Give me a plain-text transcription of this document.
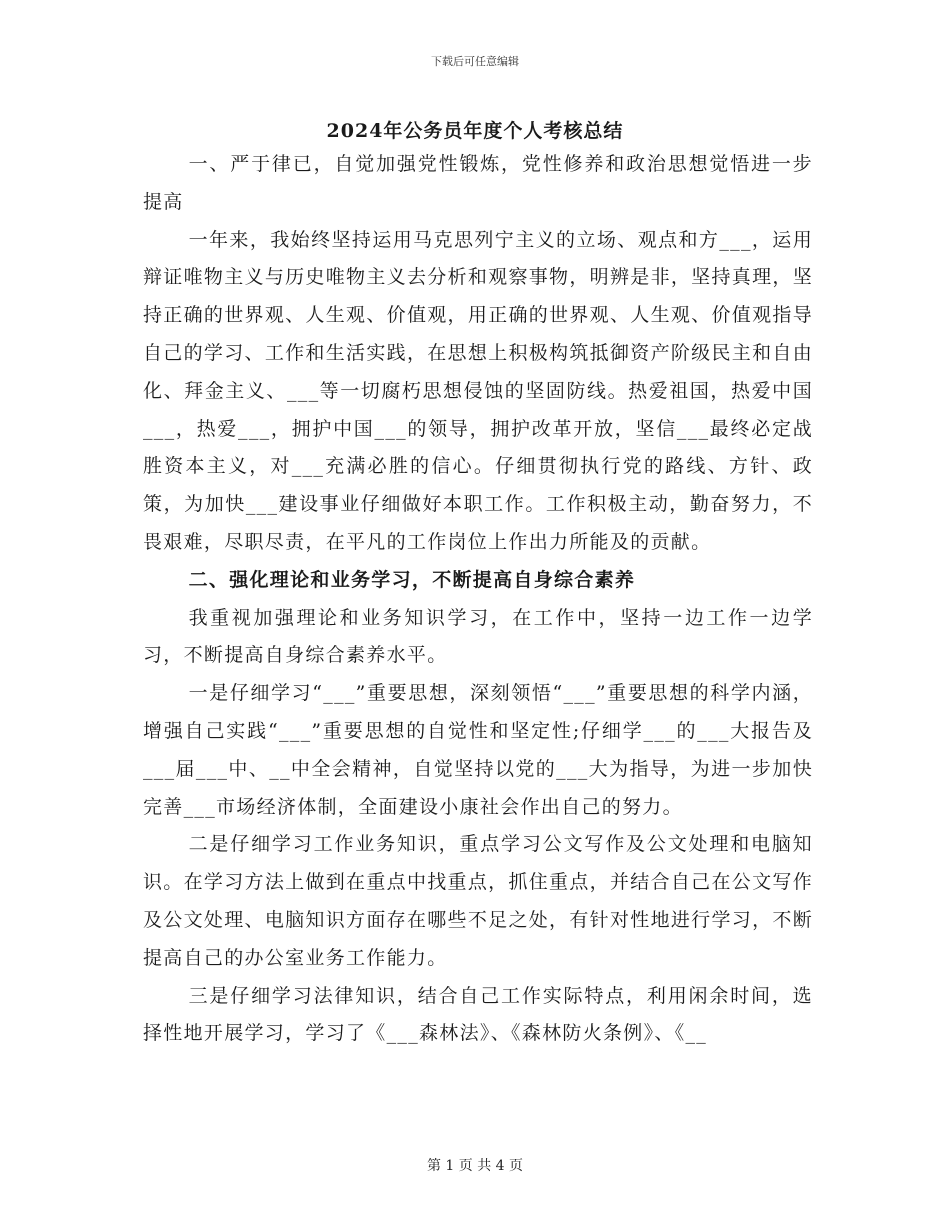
下载后可任意编辑
2024年公务员年度个人考核总结

一、严于律已，自觉加强党性锻炼，党性修养和政治思想觉悟进一步提高

一年来，我始终坚持运用马克思列宁主义的立场、观点和方___，运用辩证唯物主义与历史唯物主义去分析和观察事物，明辨是非，坚持真理，坚持正确的世界观、人生观、价值观，用正确的世界观、人生观、价值观指导自己的学习、工作和生活实践，在思想上积极构筑抵御资产阶级民主和自由化、拜金主义、___等一切腐朽思想侵蚀的坚固防线。热爱祖国，热爱中国___，热爱___，拥护中国___的领导，拥护改革开放，坚信___最终必定战胜资本主义，对___充满必胜的信心。仔细贯彻执行党的路线、方针、政策，为加快___建设事业仔细做好本职工作。工作积极主动，勤奋努力，不畏艰难，尽职尽责，在平凡的工作岗位上作出力所能及的贡献。

二、强化理论和业务学习，不断提高自身综合素养

我重视加强理论和业务知识学习，在工作中，坚持一边工作一边学习，不断提高自身综合素养水平。

一是仔细学习“___”重要思想，深刻领悟“___”重要思想的科学内涵，增强自己实践“___”重要思想的自觉性和坚定性;仔细学___的___大报告及___届___中、__中全会精神，自觉坚持以党的___大为指导，为进一步加快完善___市场经济体制，全面建设小康社会作出自己的努力。

二是仔细学习工作业务知识，重点学习公文写作及公文处理和电脑知识。在学习方法上做到在重点中找重点，抓住重点，并结合自己在公文写作及公文处理、电脑知识方面存在哪些不足之处，有针对性地进行学习，不断提高自己的办公室业务工作能力。

三是仔细学习法律知识，结合自己工作实际特点，利用闲余时间，选择性地开展学习，学习了《___森林法》、《森林防火条例》、《__

第 1 页 共 4 页
